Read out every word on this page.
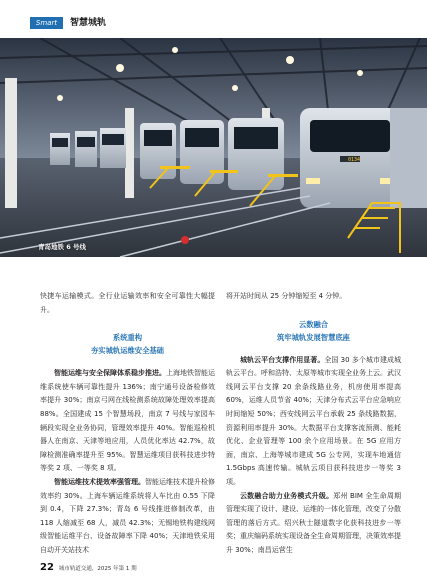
Smart	智慧城轨
0134
青岛地铁 6 号线

快捷车运输模式。全行业运输效率和安全可靠性大幅提升。

系统重构
夯实城轨运维安全基础

智能运维与安全保障体系稳步推进。上海地铁智能运维系统使车辆可靠性提升 136%；南宁通号设备检修效率提升 30%；南京弓网在线检测系统故障处理效率提高 88%。全国建成 15 个智慧场段，南京 7 号线与家园车辆段实现全业务协同，管理效率提升 40%。智能巡检机器人在南京、天津等地应用，人员优化率达 42.7%，故障检测准确率提升至 95%。智慧运维项目获科技进步特等奖 2 项、一等奖 8 项。

智能运维技术提效率强管理。智能运维技术提升检修效率约 30%。上海车辆运维系统将人车比由 0.55 下降到 0.4，下降 27.3%；青岛 6 号线推进修制改革，由 118 人缩减至 68 人，减员 42.3%；无锡地铁构建线网级智能运维平台、设备故障率下降 40%；天津地铁采用自动开关站技术

将开站时间从 25 分钟缩短至 4 分钟。

云数融合
筑牢城轨发展智慧底座

城轨云平台支撑作用显著。全国 30 多个城市建成城轨云平台。呼和浩特、太原等城市实现全业务上云。武汉线网云平台支撑 20 余条线路业务，机房使用率提高 60%，运维人员节省 40%；天津分布式云平台应急响应时间缩短 50%；西安线网云平台承载 25 条线路数据，资源利用率提升 30%。大数据平台支撑客流预测、能耗优化、企业管理等 100 余个应用场景。在 5G 应用方面，南京、上海等城市建成 5G 公专网，实现车地通信 1.5Gbps 高速传输。城轨云项目获科技进步一等奖 3 项。

云数融合助力业务模式升级。郑州 BIM 全生命周期管理实现了设计、建设、运维的一体化管理，改变了分散管理的落后方式。绍兴秋士隧道数字化获科技进步一等奖；重庆编码系统实现设备全生命周期管理，决策效率提升 30%；南昌运营生

22 城市轨道交通，2025 年第 1 期
